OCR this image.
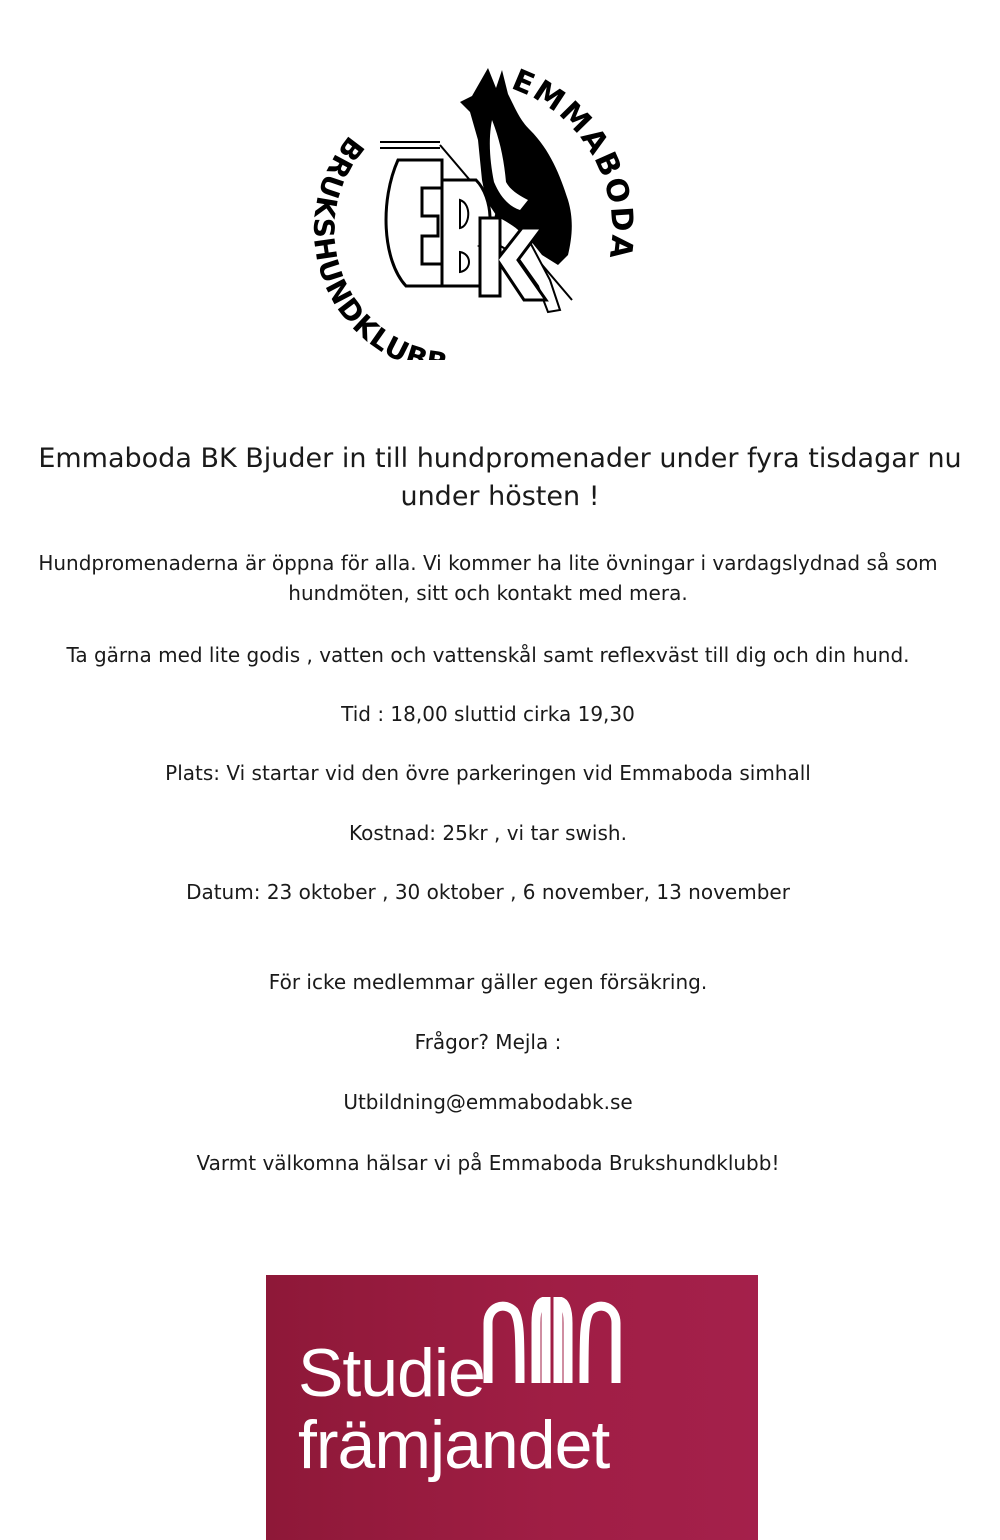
EMMABODA
BRUKSHUNDKLUB
Emmaboda BK Bjuder in till hundpromenader under fyra tisdagar nu
under hösten !

Hundpromenaderna är öppna för alla. Vi kommer ha lite övningar i vardagslydnad så som
hundmöten, sitt och kontakt med mera.

Ta gärna med lite godis , vatten och vattenskål samt reflexväst till dig och din hund.

Tid : 18,00 sluttid cirka 19,30

Plats: Vi startar vid den övre parkeringen vid Emmaboda simhall

Kostnad: 25kr , vi tar swish.

Datum: 23 oktober , 30 oktober , 6 november, 13 november

För icke medlemmar gäller egen försäkring.

Frågor? Mejla :

Utbildning@emmabodabk.se

Varmt välkomna hälsar vi på Emmaboda Brukshundklubb!

Studie
främjandet
